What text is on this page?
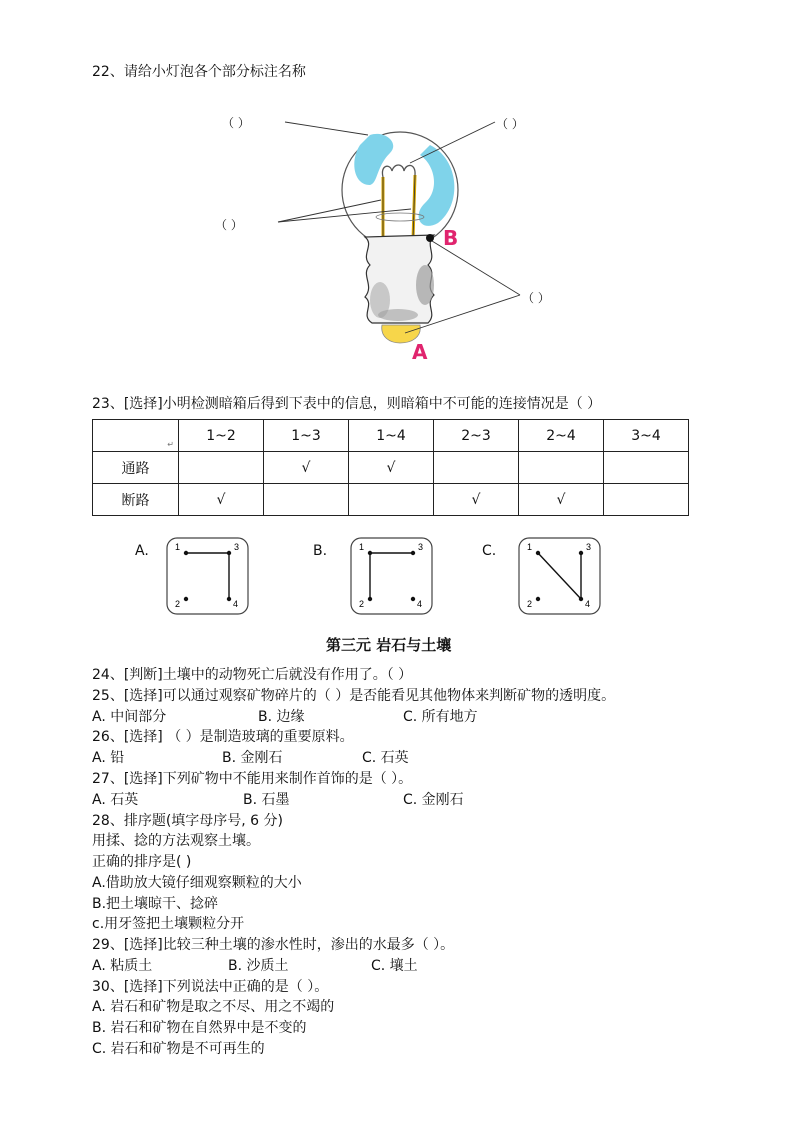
22、请给小灯泡各个部分标注名称
（ ）	（ ）
（ ）
（ ）
B
A
23、[选择]小明检测暗箱后得到下表中的信息，则暗箱中不可能的连接情况是（ ）
↵	1~2	1~3	1~4	2~3	2~4	3~4
通路		√	√			
断路	√			√	√	
A.	1	3
2	4
B.	1	3
2	4
C.	1	3
2	4
第三元 岩石与土壤
24、[判断]土壤中的动物死亡后就没有作用了。（ ）
25、[选择]可以通过观察矿物碎片的（ ）是否能看见其他物体来判断矿物的透明度。
A. 中间部分	B. 边缘	C. 所有地方
26、[选择] （ ）是制造玻璃的重要原料。
A. 铅	B. 金刚石	C. 石英
27、[选择]下列矿物中不能用来制作首饰的是（ ）。
A. 石英	B. 石墨	C. 金刚石
28、排序题(填字母序号, 6 分)
用揉、捻的方法观察土壤。
正确的排序是( )
A.借助放大镜仔细观察颗粒的大小
B.把土壤晾干、捻碎
c.用牙签把土壤颗粒分开
29、[选择]比较三种土壤的渗水性时，渗出的水最多（ ）。
A. 粘质土	B. 沙质土	C. 壤土
30、[选择]下列说法中正确的是（ ）。
A. 岩石和矿物是取之不尽、用之不竭的
B. 岩石和矿物在自然界中是不变的
C. 岩石和矿物是不可再生的
